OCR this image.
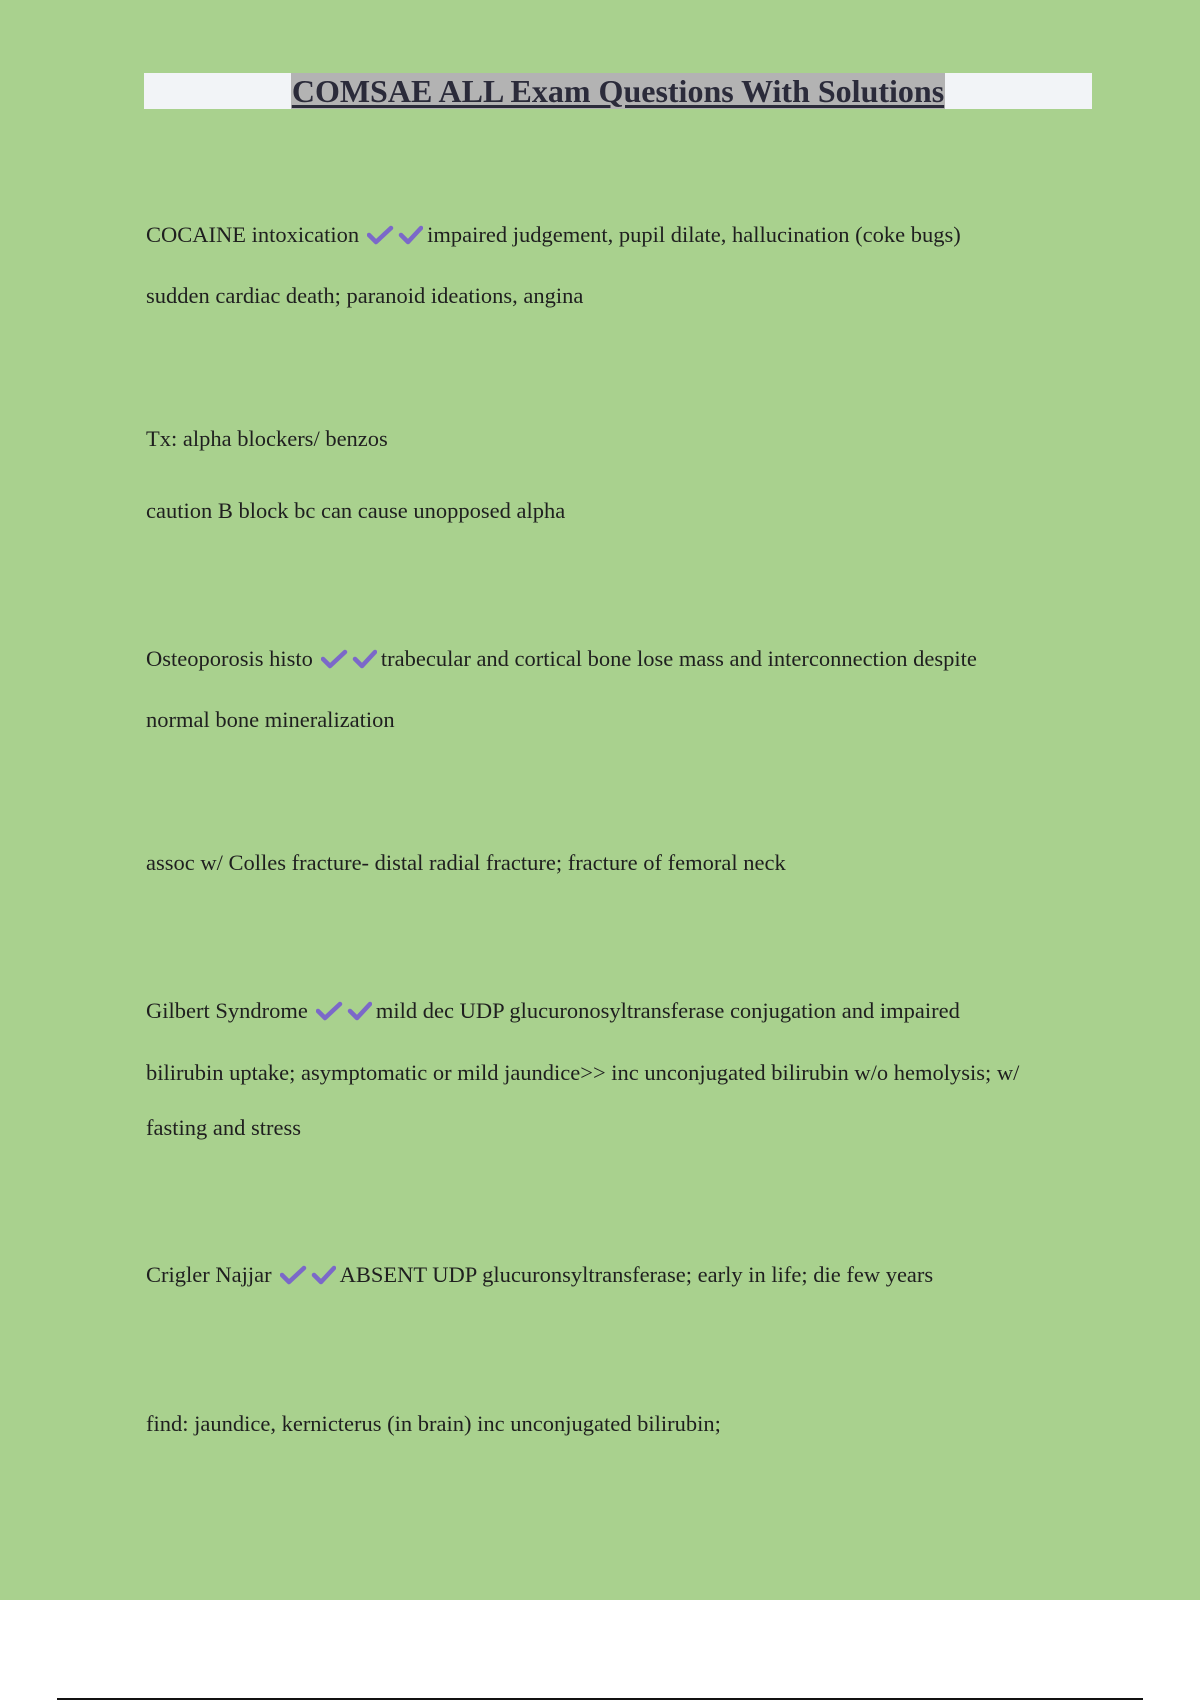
COMSAE ALL Exam Questions With Solutions
COCAINE intoxication	impaired judgement, pupil dilate, hallucination (coke bugs)
sudden cardiac death; paranoid ideations, angina
Tx: alpha blockers/ benzos
caution B block bc can cause unopposed alpha
Osteoporosis histo	trabecular and cortical bone lose mass and interconnection despite
normal bone mineralization
assoc w/ Colles fracture- distal radial fracture; fracture of femoral neck
Gilbert Syndrome	mild dec UDP glucuronosyltransferase conjugation and impaired
bilirubin uptake; asymptomatic or mild jaundice>> inc unconjugated bilirubin w/o hemolysis; w/
fasting and stress
Crigler Najjar	ABSENT UDP glucuronsyltransferase; early in life; die few years
find: jaundice, kernicterus (in brain) inc unconjugated bilirubin;
